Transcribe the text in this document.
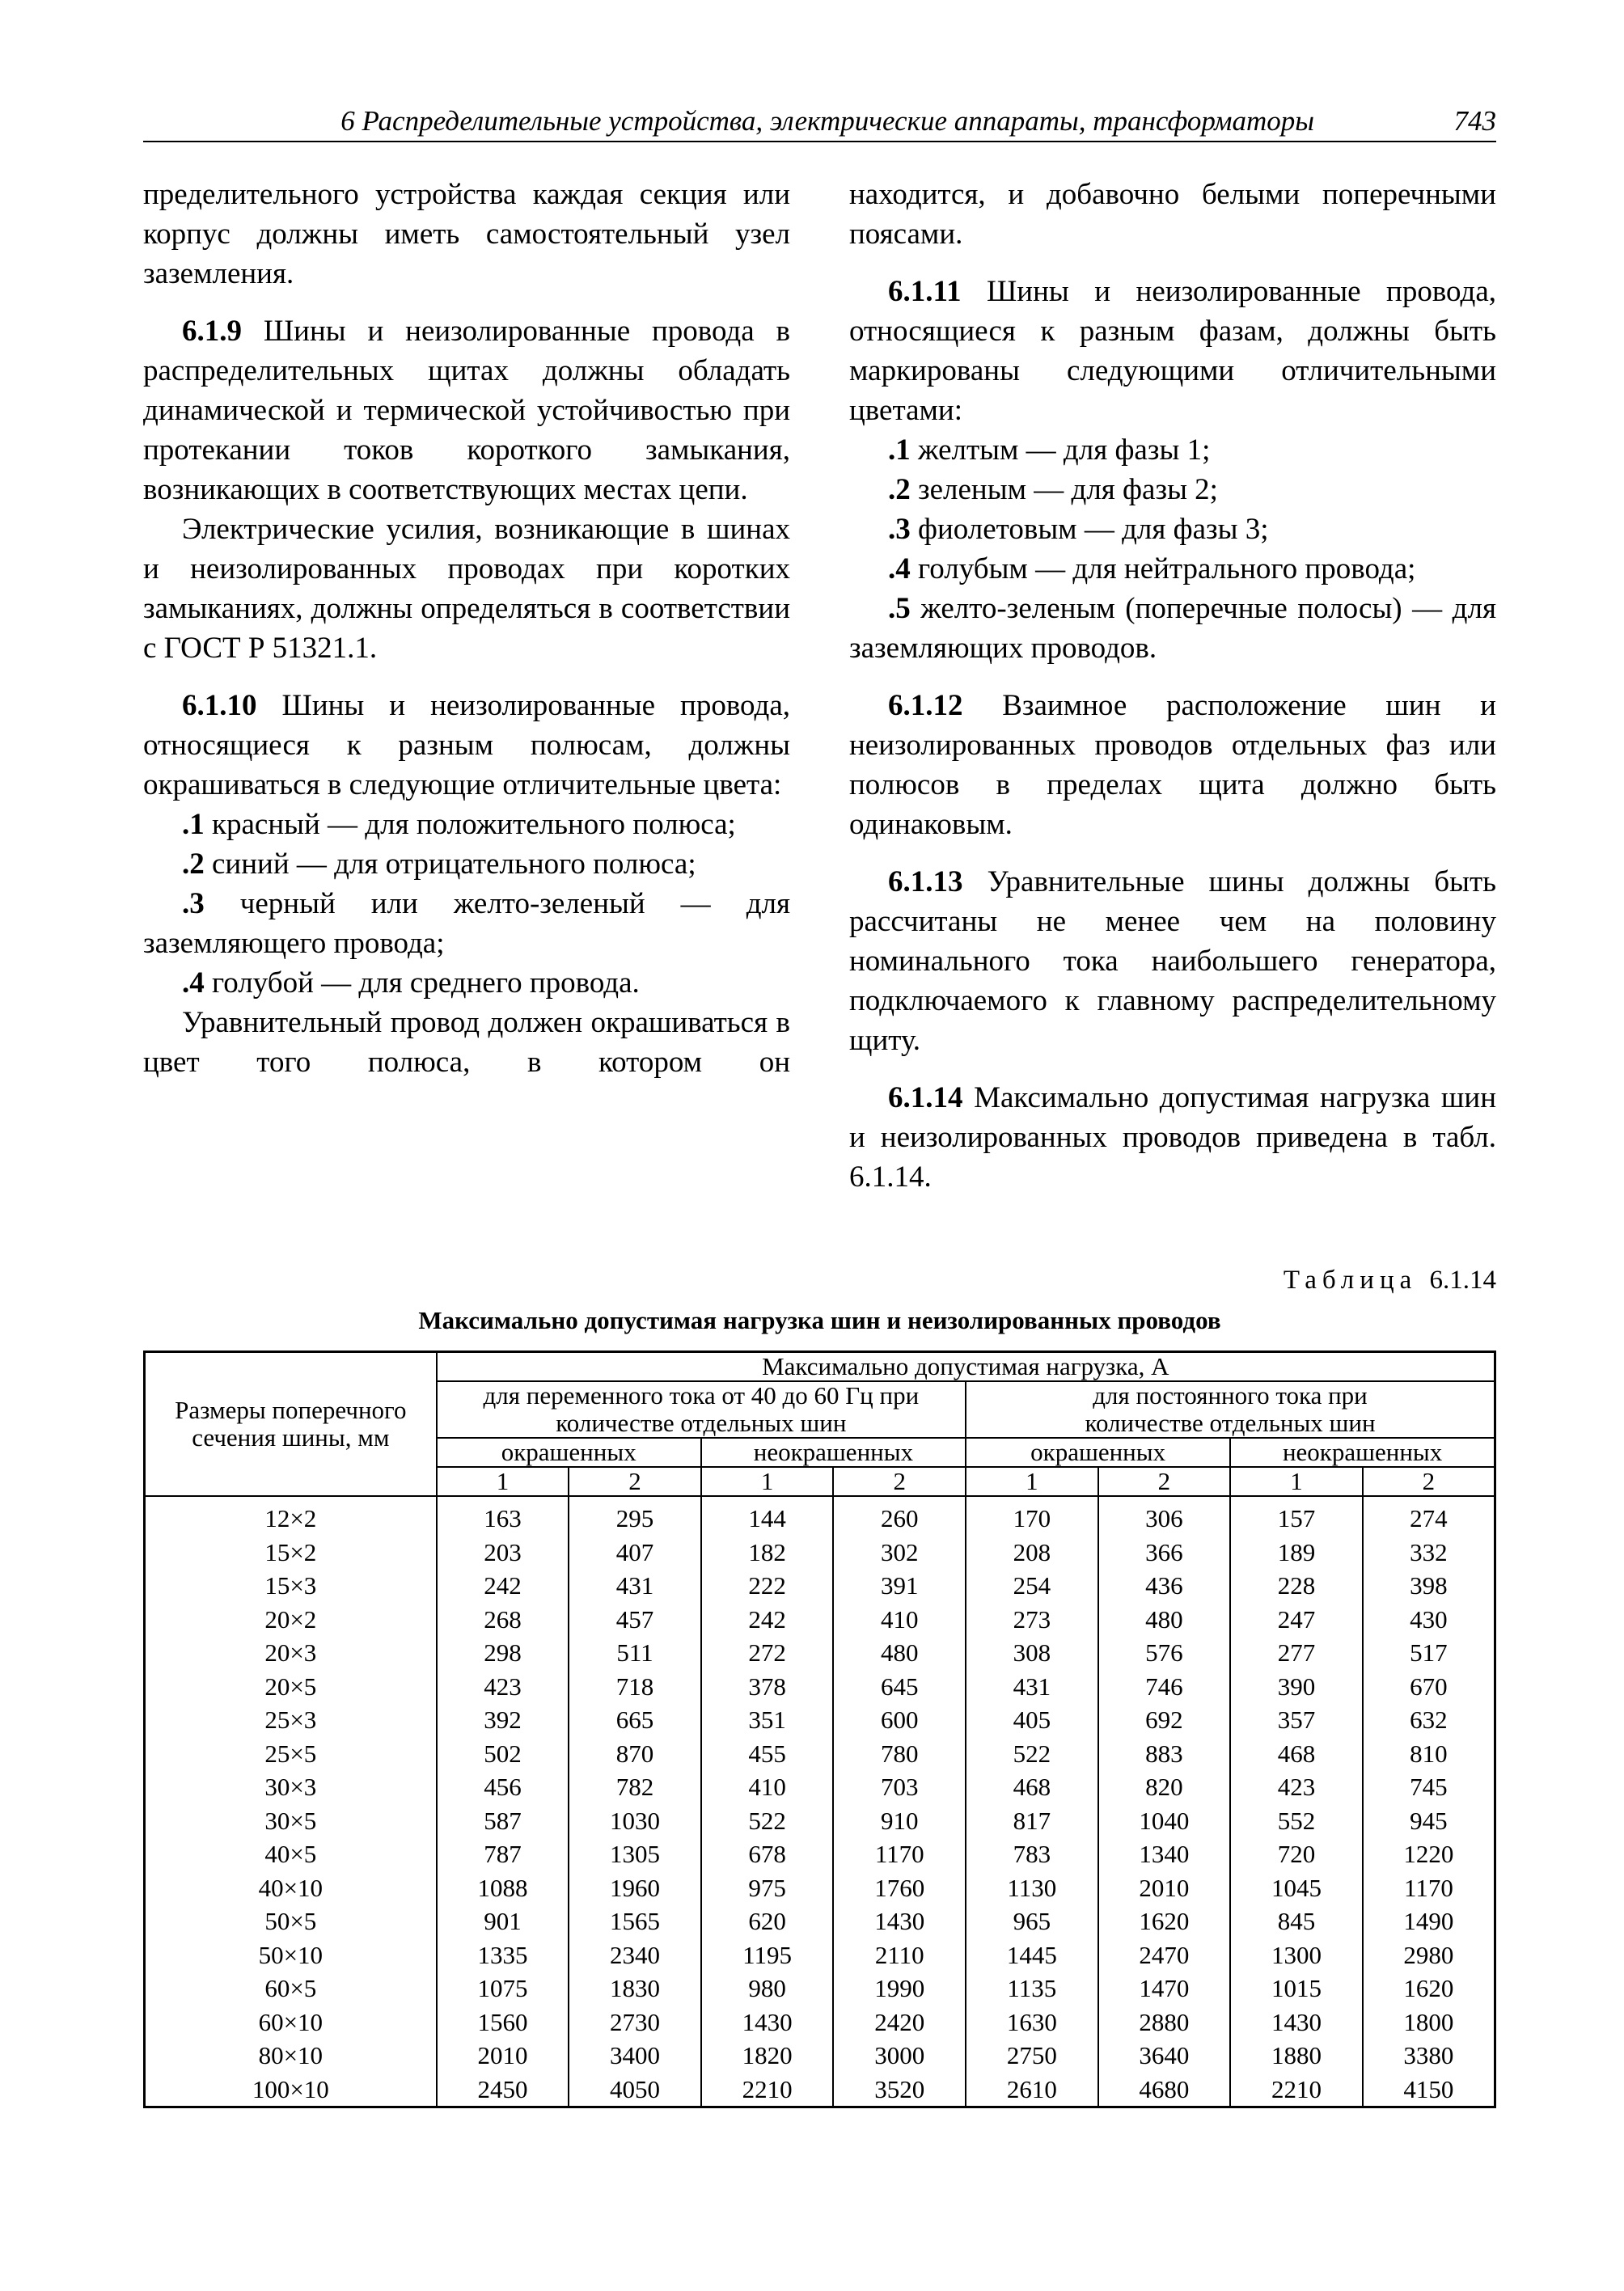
6 Распределительные устройства, электрические аппараты, трансформаторы	743

пределительного устройства каждая секция или корпус должны иметь самостоятельный узел заземления.

6.1.9 Шины и неизолированные провода в распределительных щитах должны обладать динамической и термической устойчивостью при протекании токов короткого замыкания, возникающих в соответствующих местах цепи.

Электрические усилия, возникающие в шинах и неизолированных проводах при коротких замыканиях, должны определяться в соответствии с ГОСТ Р 51321.1.

6.1.10 Шины и неизолированные провода, относящиеся к разным полюсам, должны окрашиваться в следующие отличительные цвета:

.1 красный — для положительного полюса;

.2 синий — для отрицательного полюса;

.3 черный или желто-зеленый — для заземляющего провода;

.4 голубой — для среднего провода.

Уравнительный провод должен окрашиваться в цвет того полюса, в котором он

находится, и добавочно белыми поперечными поясами.

6.1.11 Шины и неизолированные провода, относящиеся к разным фазам, должны быть маркированы следующими отличительными цветами:

.1 желтым — для фазы 1;

.2 зеленым — для фазы 2;

.3 фиолетовым — для фазы 3;

.4 голубым — для нейтрального провода;

.5 желто-зеленым (поперечные полосы) — для заземляющих проводов.

6.1.12 Взаимное расположение шин и неизолированных проводов отдельных фаз или полюсов в пределах щита должно быть одинаковым.

6.1.13 Уравнительные шины должны быть рассчитаны не менее чем на половину номинального тока наибольшего генератора, подключаемого к главному распределительному щиту.

6.1.14 Максимально допустимая нагрузка шин и неизолированных проводов приведена в табл. 6.1.14.

Таблица 6.1.14
Максимально допустимая нагрузка шин и неизолированных проводов
Размеры поперечного сечения шины, мм	Максимально допустимая нагрузка, А							
	для переменного тока от 40 до 60 Гц при количестве отдельных шин				для постоянного тока при количестве отдельных шин			
	окрашенных		неокрашенных		окрашенных		неокрашенных	
	1	2	1	2	1	2	1	2
12×2	163	295	144	260	170	306	157	274
15×2	203	407	182	302	208	366	189	332
15×3	242	431	222	391	254	436	228	398
20×2	268	457	242	410	273	480	247	430
20×3	298	511	272	480	308	576	277	517
20×5	423	718	378	645	431	746	390	670
25×3	392	665	351	600	405	692	357	632
25×5	502	870	455	780	522	883	468	810
30×3	456	782	410	703	468	820	423	745
30×5	587	1030	522	910	817	1040	552	945
40×5	787	1305	678	1170	783	1340	720	1220
40×10	1088	1960	975	1760	1130	2010	1045	1170
50×5	901	1565	620	1430	965	1620	845	1490
50×10	1335	2340	1195	2110	1445	2470	1300	2980
60×5	1075	1830	980	1990	1135	1470	1015	1620
60×10	1560	2730	1430	2420	1630	2880	1430	1800
80×10	2010	3400	1820	3000	2750	3640	1880	3380
100×10	2450	4050	2210	3520	2610	4680	2210	4150
